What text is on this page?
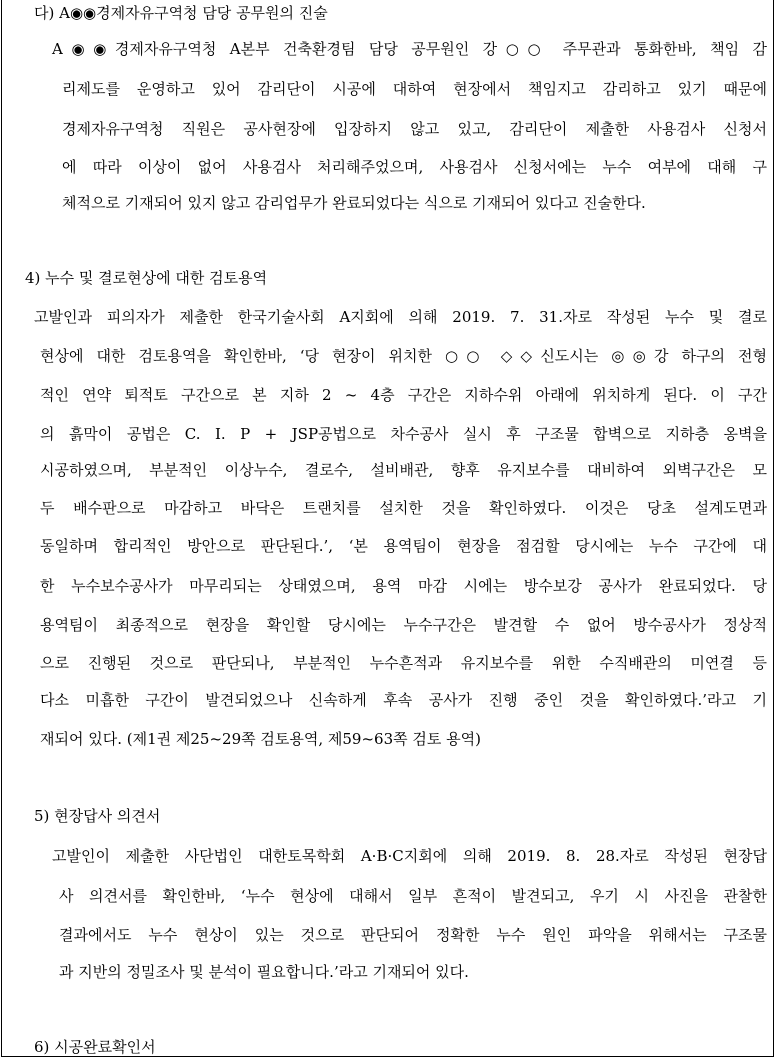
다) A◉◉경제자유구역청 담당 공무원의 진술
A◉◉경제자유구역청 A본부 건축환경팀 담당 공무원인 강○○ 주무관과 통화한바, 책임 감
리제도를 운영하고 있어 감리단이 시공에 대하여 현장에서 책임지고 감리하고 있기 때문에
경제자유구역청 직원은 공사현장에 입장하지 않고 있고, 감리단이 제출한 사용검사 신청서
에 따라 이상이 없어 사용검사 처리해주었으며, 사용검사 신청서에는 누수 여부에 대해 구
체적으로 기재되어 있지 않고 감리업무가 완료되었다는 식으로 기재되어 있다고 진술한다.
4) 누수 및 결로현상에 대한 검토용역
고발인과 피의자가 제출한 한국기술사회 A지회에 의해 2019. 7. 31.자로 작성된 누수 및 결로
현상에 대한 검토용역을 확인한바, ‘당 현장이 위치한 ○○ ◇◇신도시는 ◎◎강 하구의 전형
적인 연약 퇴적토 구간으로 본 지하 2 ~ 4층 구간은 지하수위 아래에 위치하게 된다. 이 구간
의 흙막이 공법은 C. I. P + JSP공법으로 차수공사 실시 후 구조물 합벽으로 지하층 옹벽을
시공하였으며, 부분적인 이상누수, 결로수, 설비배관, 향후 유지보수를 대비하여 외벽구간은 모
두 배수판으로 마감하고 바닥은 트랜치를 설치한 것을 확인하였다. 이것은 당초 설계도면과
동일하며 합리적인 방안으로 판단된다.’, ‘본 용역팀이 현장을 점검할 당시에는 누수 구간에 대
한 누수보수공사가 마무리되는 상태였으며, 용역 마감 시에는 방수보강 공사가 완료되었다. 당
용역팀이 최종적으로 현장을 확인할 당시에는 누수구간은 발견할 수 없어 방수공사가 정상적
으로 진행된 것으로 판단되나, 부분적인 누수흔적과 유지보수를 위한 수직배관의 미연결 등
다소 미흡한 구간이 발견되었으나 신속하게 후속 공사가 진행 중인 것을 확인하였다.’라고 기
재되어 있다. (제1권 제25~29쪽 검토용역, 제59~63쪽 검토 용역)
5) 현장답사 의견서
고발인이 제출한 사단법인 대한토목학회 A·B·C지회에 의해 2019. 8. 28.자로 작성된 현장답
사 의견서를 확인한바, ‘누수 현상에 대해서 일부 흔적이 발견되고, 우기 시 사진을 관찰한
결과에서도 누수 현상이 있는 것으로 판단되어 정확한 누수 원인 파악을 위해서는 구조물
과 지반의 정밀조사 및 분석이 필요합니다.’라고 기재되어 있다.
6) 시공완료확인서
